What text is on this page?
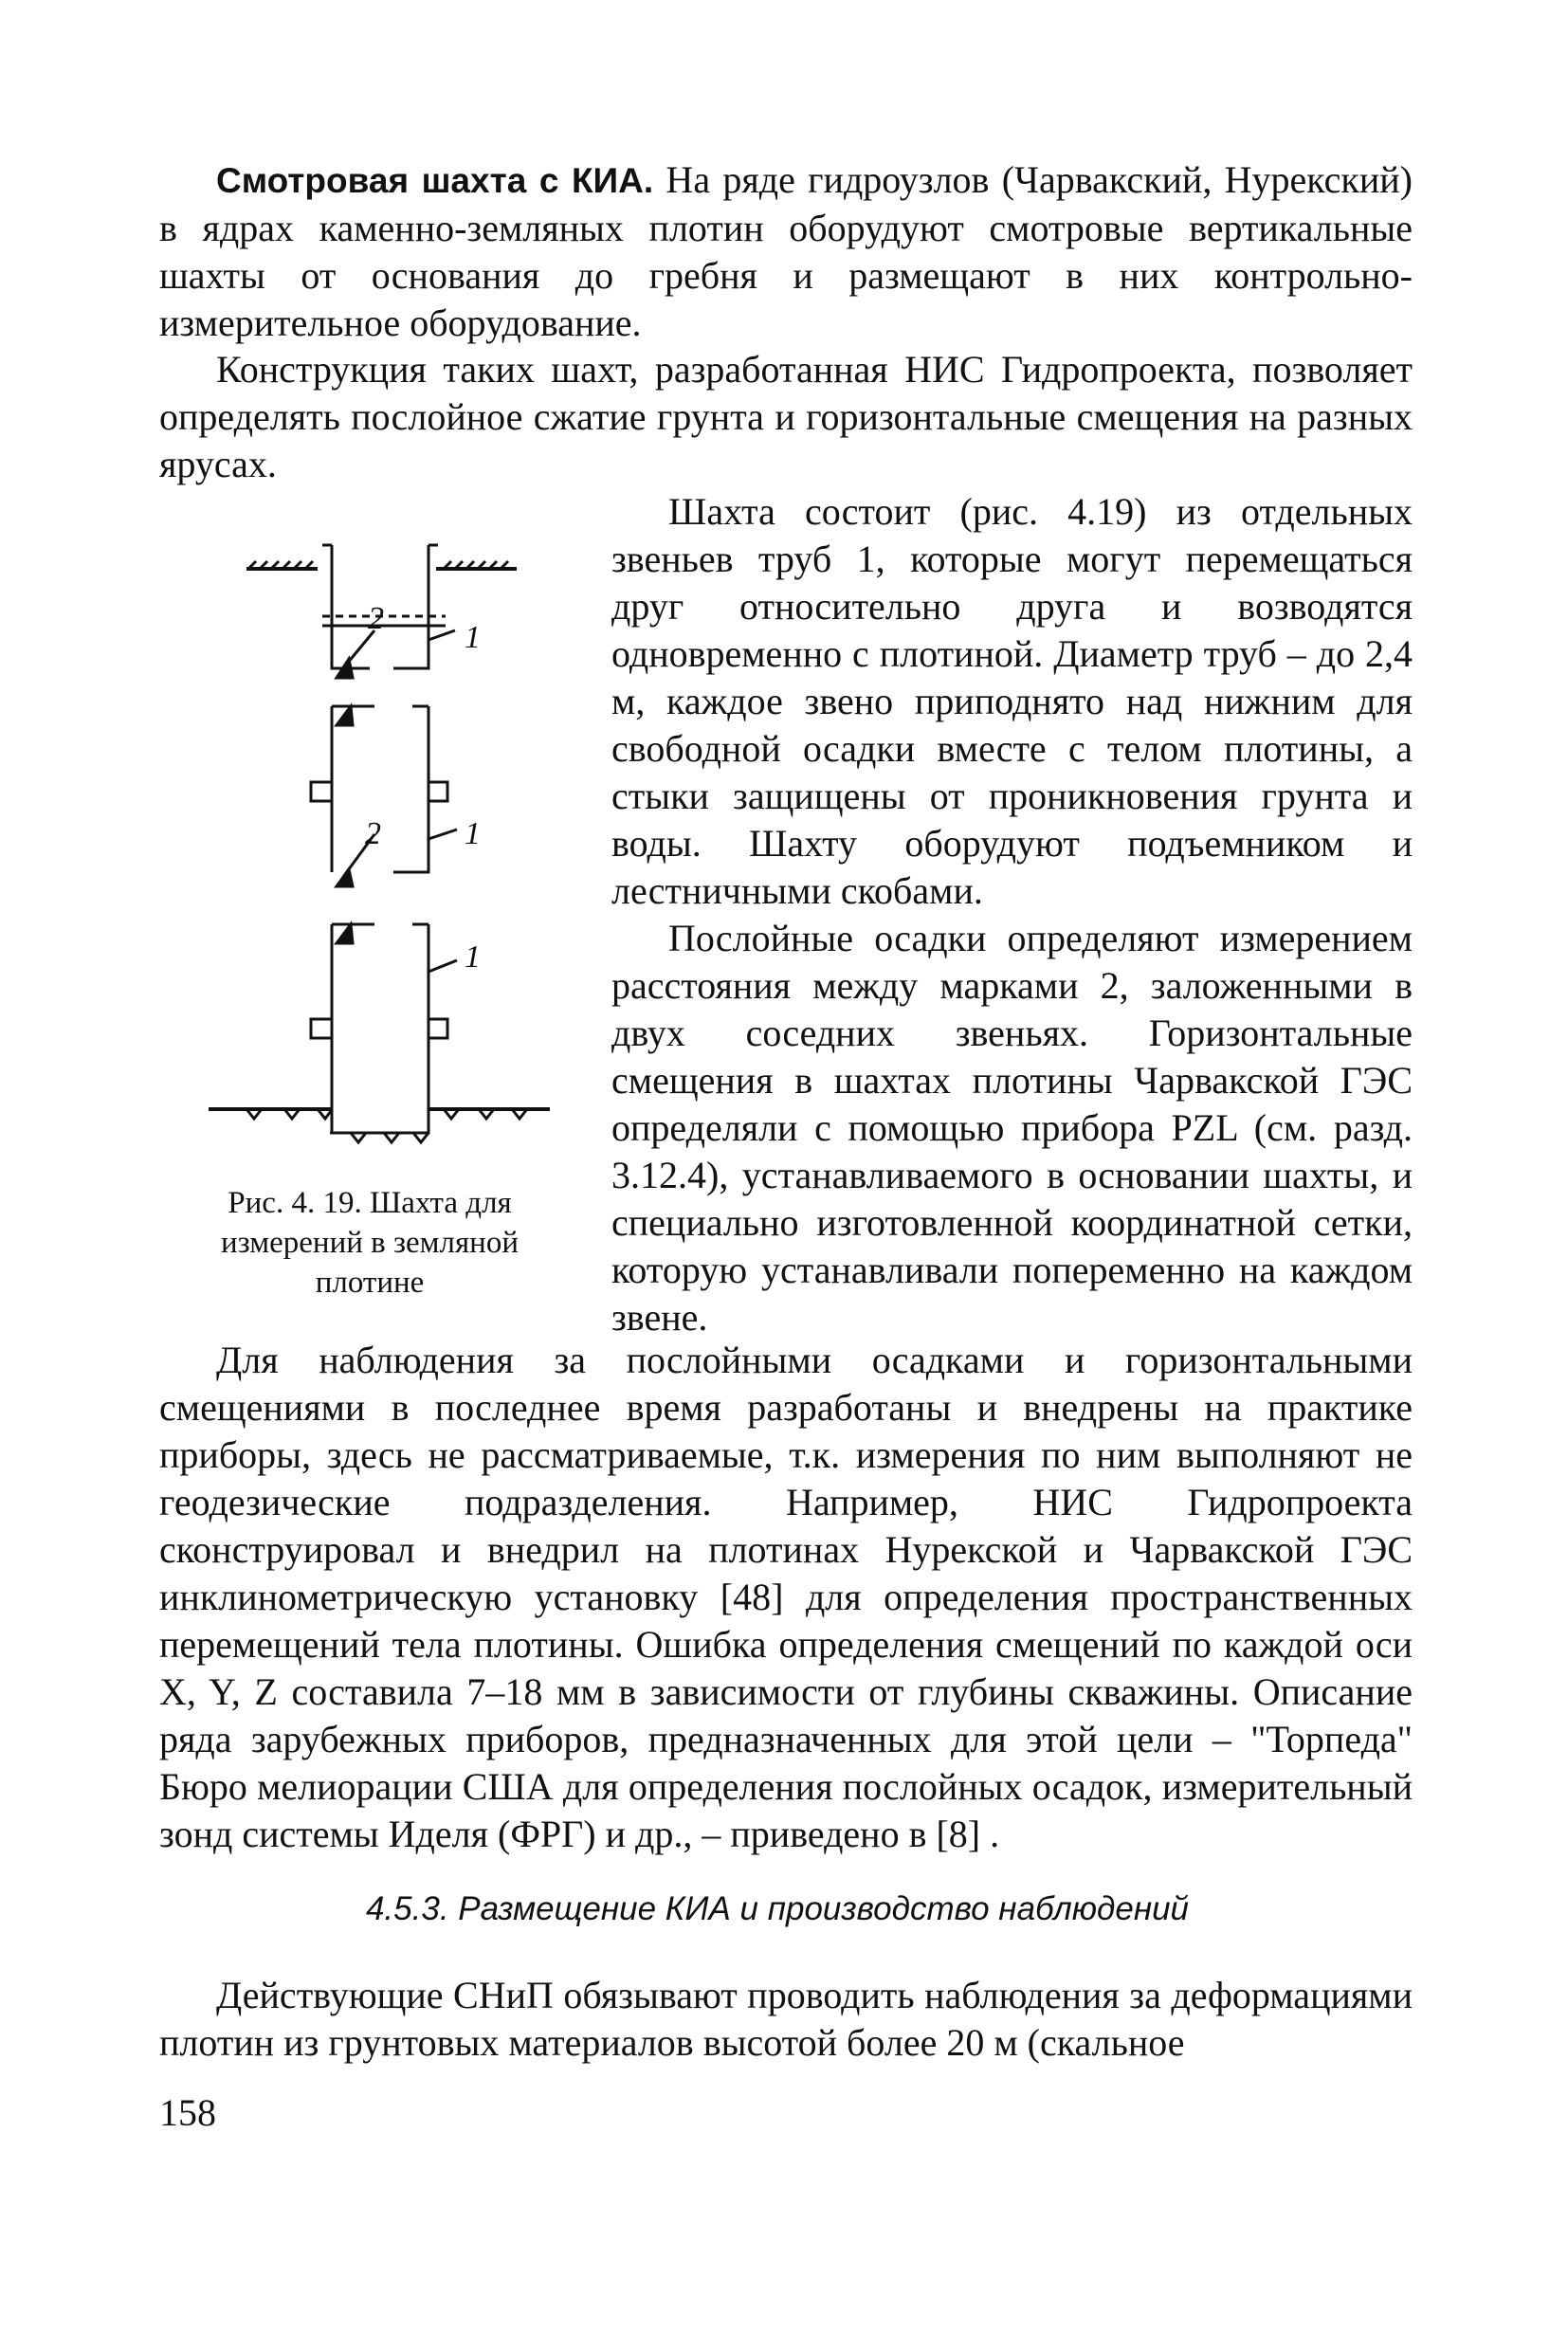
Смотровая шахта с КИА. На ряде гидроузлов (Чарвакский, Нурекский) в ядрах каменно-земляных плотин оборудуют смотровые вертикальные шахты от основания до гребня и размещают в них контрольно-измерительное оборудование.

Конструкция таких шахт, разработанная НИС Гидропроекта, позволяет определять послойное сжатие грунта и горизонтальные смещения на разных ярусах.

2
1
2	1
1
Рис. 4. 19. Шахта для измерений в земляной плотине

Шахта состоит (рис. 4.19) из отдельных звеньев труб 1, которые могут перемещаться друг относительно друга и возводятся одновременно с плотиной. Диаметр труб – до 2,4 м, каждое звено приподнято над нижним для свободной осадки вместе с телом плотины, а стыки защищены от проникновения грунта и воды. Шахту оборудуют подъемником и лестничными скобами.

Послойные осадки определяют измерением расстояния между марками 2, заложенными в двух соседних звеньях. Горизонтальные смещения в шахтах плотины Чарвакской ГЭС определяли с помощью прибора PZL (см. разд. 3.12.4), устанавливаемого в основании шахты, и специально изготовленной координатной сетки, которую устанавливали попеременно на каждом звене.

Для наблюдения за послойными осадками и горизонтальными смещениями в последнее время разработаны и внедрены на практике приборы, здесь не рассматриваемые, т.к. измерения по ним выполняют не геодезические подразделения. Например, НИС Гидропроекта сконструировал и внедрил на плотинах Нурекской и Чарвакской ГЭС инклинометрическую установку [48] для определения пространственных перемещений тела плотины. Ошибка определения смещений по каждой оси X, Y, Z составила 7–18 мм в зависимости от глубины скважины. Описание ряда зарубежных приборов, предназначенных для этой цели – "Торпеда" Бюро мелиорации США для определения послойных осадок, измерительный зонд системы Иделя (ФРГ) и др., – приведено в [8] .

4.5.3. Размещение КИА и производство наблюдений

Действующие СНиП обязывают проводить наблюдения за деформациями плотин из грунтовых материалов высотой более 20 м (скальное

158
